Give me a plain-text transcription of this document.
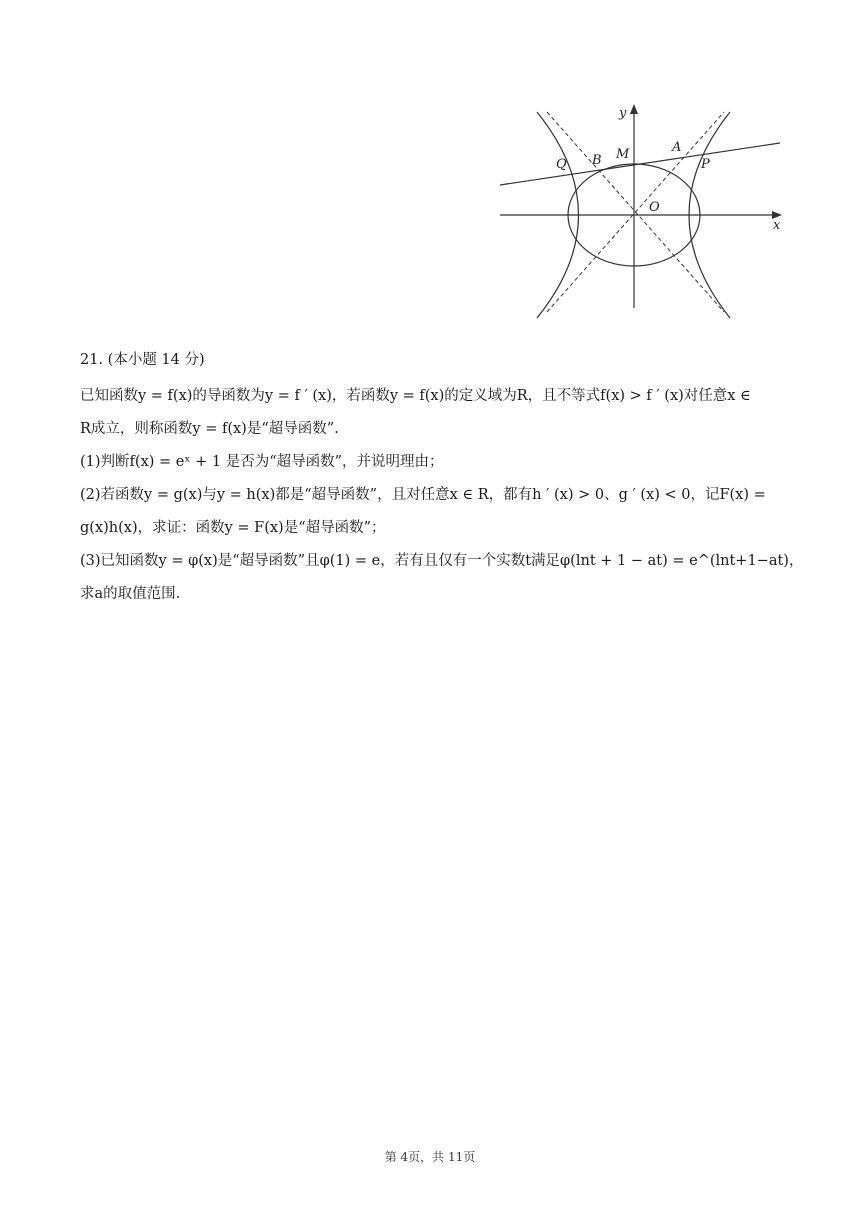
y
x
O
Q B M	A
P
21. (本小题 14 分)
已知函数y = f(x)的导函数为y = f ′ (x)，若函数y = f(x)的定义域为R，且不等式f(x) > f ′ (x)对任意x ∈
R成立，则称函数y = f(x)是“超导函数”.
(1)判断f(x) = eˣ + 1 是否为“超导函数”，并说明理由；
(2)若函数y = g(x)与y = h(x)都是“超导函数”，且对任意x ∈ R，都有h ′ (x) > 0、g ′ (x) < 0，记F(x) =
g(x)h(x)，求证：函数y = F(x)是“超导函数”；
(3)已知函数y = φ(x)是“超导函数”且φ(1) = e，若有且仅有一个实数t满足φ(lnt + 1 − at) = e^(lnt+1−at)，
求a的取值范围.
第 4页，共 11页
